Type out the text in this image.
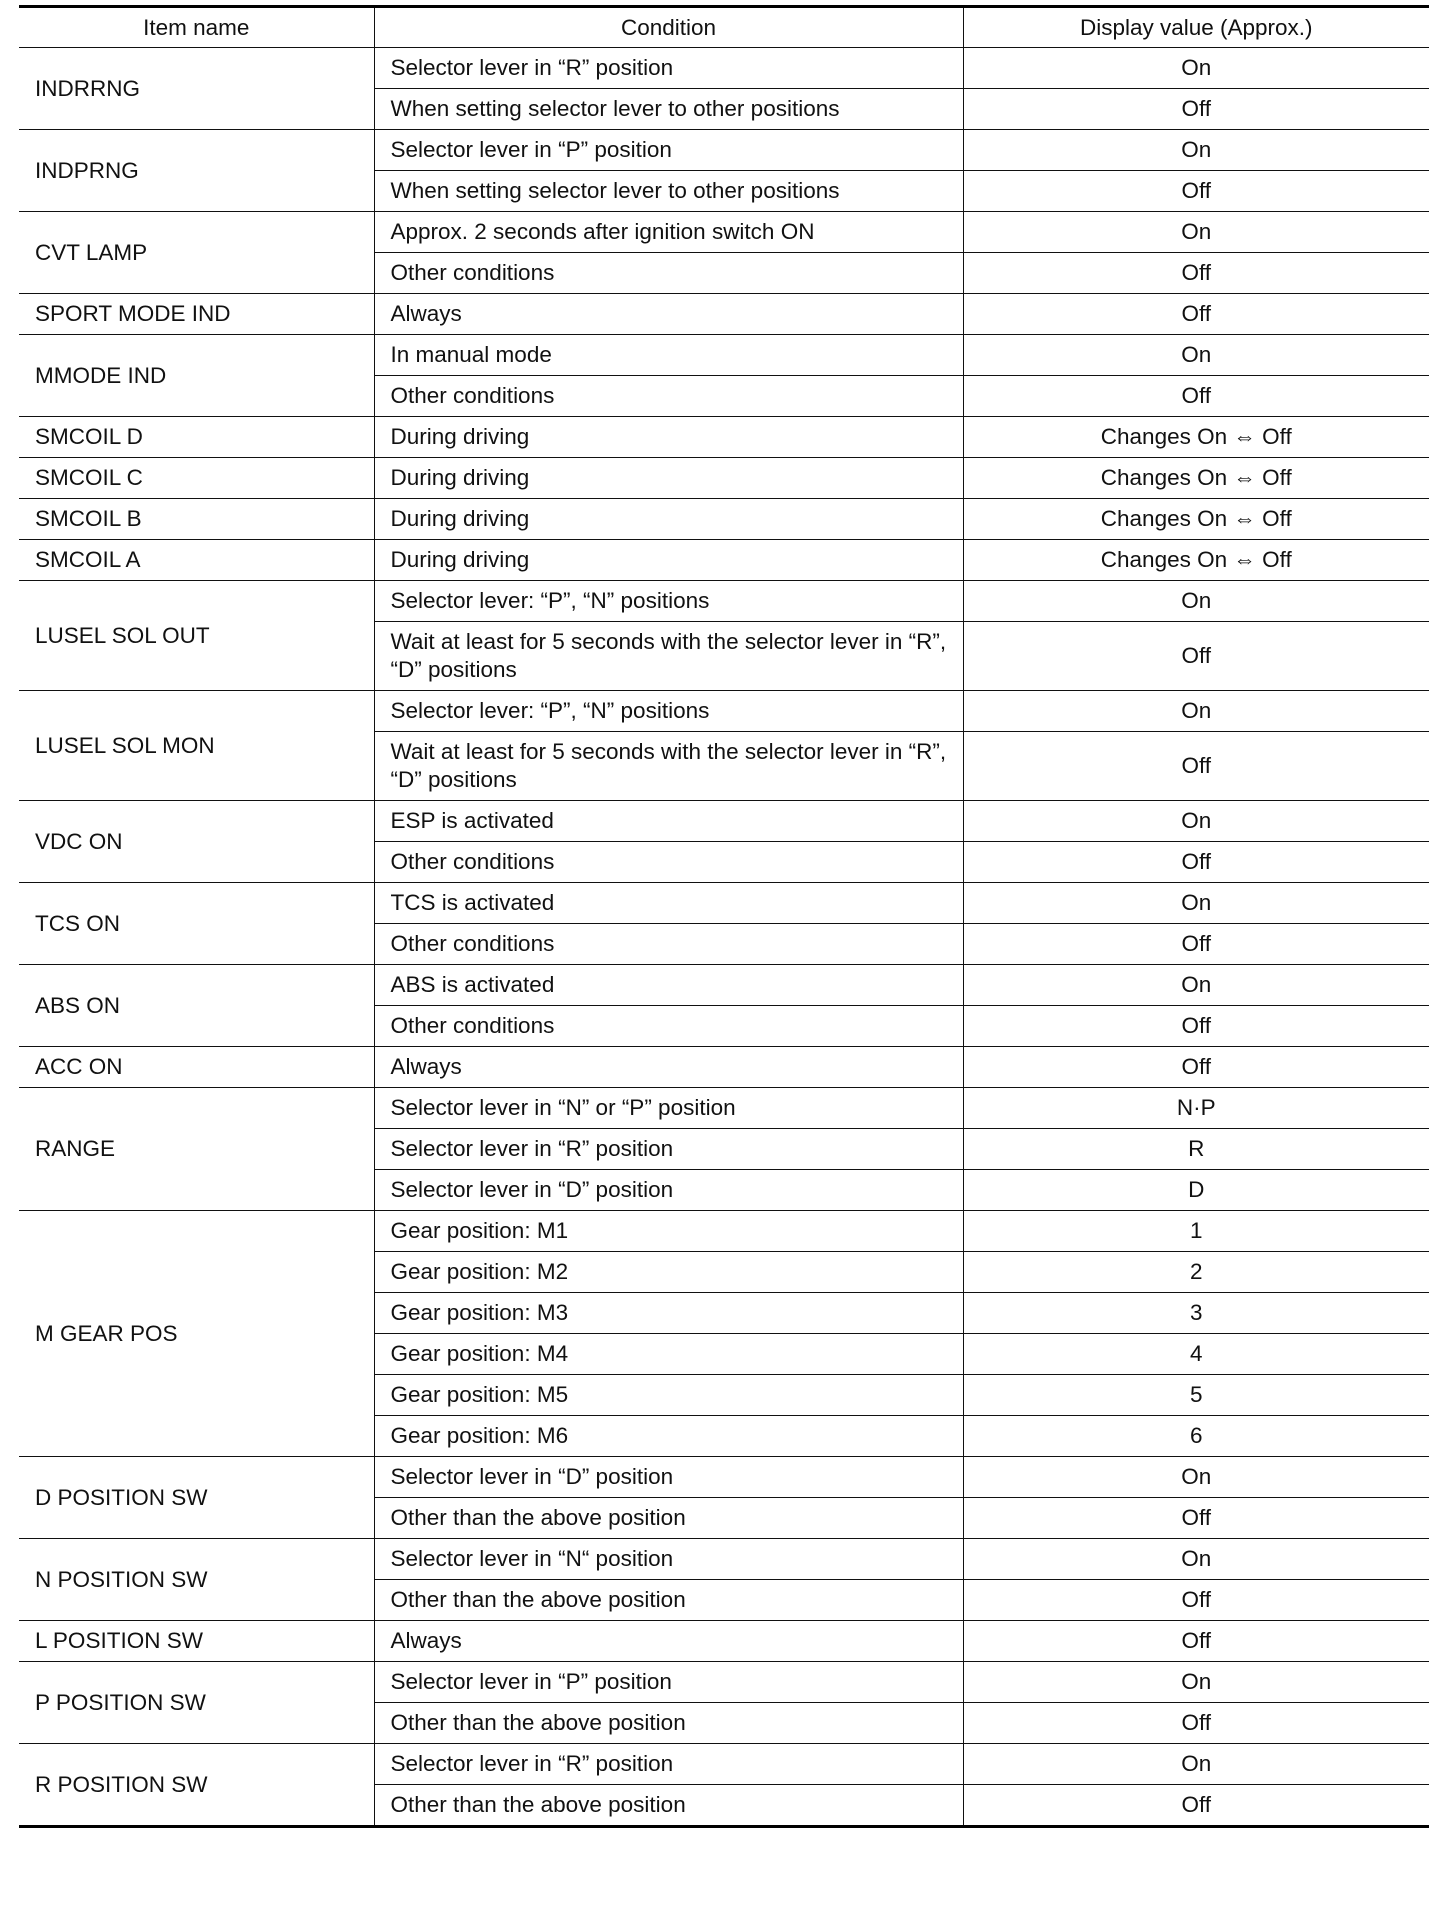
Item name	Condition	Display value (Approx.)
INDRRNG	Selector lever in “R” position	On
	When setting selector lever to other positions	Off
INDPRNG	Selector lever in “P” position	On
	When setting selector lever to other positions	Off
CVT LAMP	Approx. 2 seconds after ignition switch ON	On
	Other conditions	Off
SPORT MODE IND	Always	Off
MMODE IND	In manual mode	On
	Other conditions	Off
SMCOIL D	During driving	Changes On ⇔ Off
SMCOIL C	During driving	Changes On ⇔ Off
SMCOIL B	During driving	Changes On ⇔ Off
SMCOIL A	During driving	Changes On ⇔ Off
LUSEL SOL OUT	Selector lever: “P”, “N” positions	On
	Wait at least for 5 seconds with the selector lever in “R”, “D” positions	Off
LUSEL SOL MON	Selector lever: “P”, “N” positions	On
	Wait at least for 5 seconds with the selector lever in “R”, “D” positions	Off
VDC ON	ESP is activated	On
	Other conditions	Off
TCS ON	TCS is activated	On
	Other conditions	Off
ABS ON	ABS is activated	On
	Other conditions	Off
ACC ON	Always	Off
RANGE	Selector lever in “N” or “P” position	N·P
	Selector lever in “R” position	R
	Selector lever in “D” position	D
M GEAR POS	Gear position: M1	1
	Gear position: M2	2
	Gear position: M3	3
	Gear position: M4	4
	Gear position: M5	5
	Gear position: M6	6
D POSITION SW	Selector lever in “D” position	On
	Other than the above position	Off
N POSITION SW	Selector lever in “N“ position	On
	Other than the above position	Off
L POSITION SW	Always	Off
P POSITION SW	Selector lever in “P” position	On
	Other than the above position	Off
R POSITION SW	Selector lever in “R” position	On
	Other than the above position	Off
